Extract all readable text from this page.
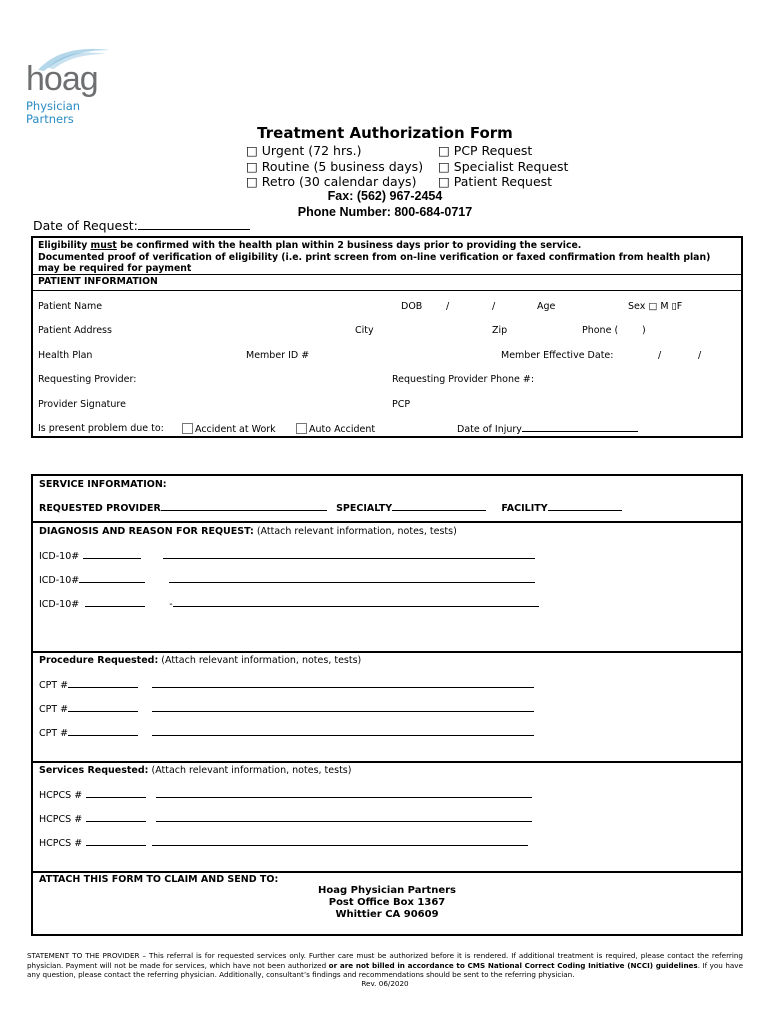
hoag
Physician
Partners
Treatment Authorization Form
□ Urgent (72 hrs.)	□ PCP Request
□ Routine (5 business days)	□ Specialist Request
□ Retro (30 calendar days)	□ Patient Request
Fax: (562) 967-2454
Phone Number: 800-684-0717
Date of Request:
Eligibility must be confirmed with the health plan within 2 business days prior to providing the service.
Documented proof of verification of eligibility (i.e. print screen from on-line verification or faxed confirmation from health plan) may be required for payment
PATIENT INFORMATION
Patient Name	DOB /	/	Age	Sex □ M ▯F
Patient Address	City	Zip	Phone (	)
Health Plan	Member ID #	Member Effective Date:	/	/
Requesting Provider:	Requesting Provider Phone #:
Provider Signature	PCP
Is present problem due to:	Accident at Work	Auto Accident	Date of Injury
SERVICE INFORMATION:
REQUESTED PROVIDER	SPECIALTY	FACILITY
DIAGNOSIS AND REASON FOR REQUEST: (Attach relevant information, notes, tests)
ICD-10#
ICD-10#
ICD-10#	-
Procedure Requested: (Attach relevant information, notes, tests)
CPT #
CPT #
CPT #
Services Requested: (Attach relevant information, notes, tests)
HCPCS #
HCPCS #
HCPCS #
ATTACH THIS FORM TO CLAIM AND SEND TO:
Hoag Physician Partners
Post Office Box 1367
Whittier CA 90609
STATEMENT TO THE PROVIDER – This referral is for requested services only. Further care must be authorized before it is rendered. If additional treatment is required, please contact the referring physician. Payment will not be made for services, which have not been authorized or are not billed in accordance to CMS National Correct Coding Initiative (NCCI) guidelines. If you have any question, please contact the referring physician. Additionally, consultant’s findings and recommendations should be sent to the referring physician.
Rev. 06/2020
